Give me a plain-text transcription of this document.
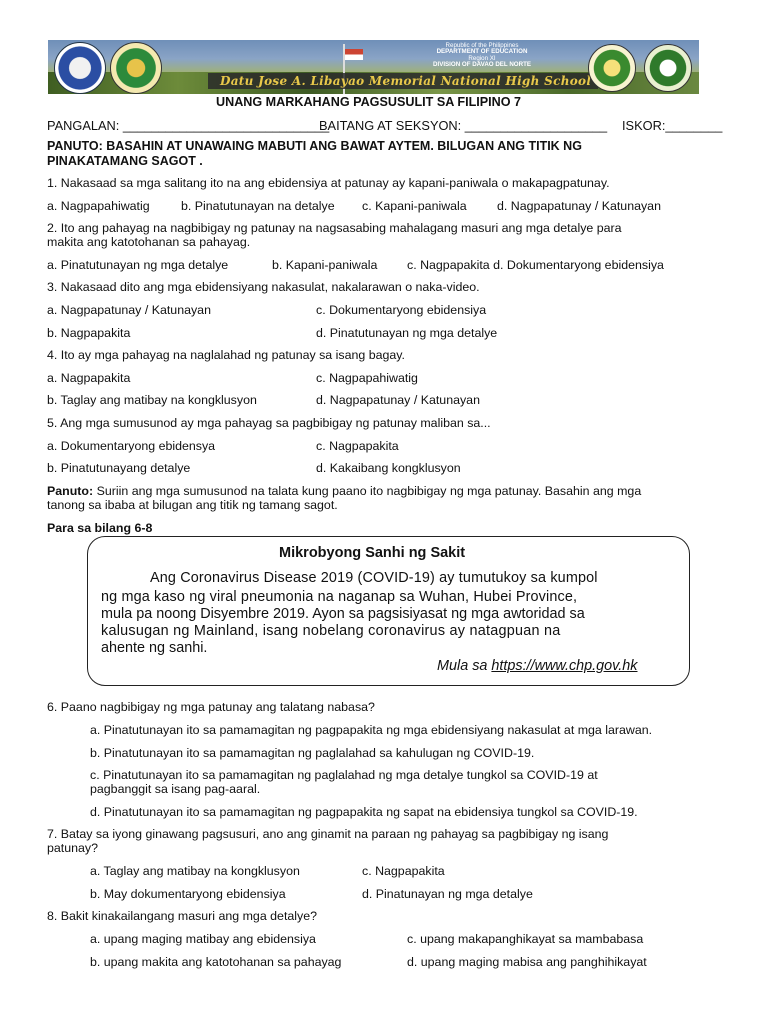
Republic of the Philippines
DEPARTMENT OF EDUCATION
Region XI
DIVISION OF DAVAO DEL NORTE
Datu Jose A. Libayao Memorial National High School
UNANG MARKAHANG PAGSUSULIT SA FILIPINO 7
PANGALAN: _____________________________
BAITANG AT SEKSYON: ____________________ ISKOR:________
PANUTO: BASAHIN AT UNAWAING MABUTI ANG BAWAT AYTEM. BILUGAN ANG TITIK NG
PINAKATAMANG SAGOT .
1. Nakasaad sa mga salitang ito na ang ebidensiya at patunay ay kapani-paniwala o makapagpatunay.
a. Nagpapahiwatig	b. Pinatutunayan na detalye c. Kapani-paniwala d. Nagpapatunay / Katunayan
2. Ito ang pahayag na nagbibigay ng patunay na nagsasabing mahalagang masuri ang mga detalye para
makita ang katotohanan sa pahayag.
a. Pinatutunayan ng mga detalye	b. Kapani-paniwala c. Nagpapakita d. Dokumentaryong ebidensiya
3. Nakasaad dito ang mga ebidensiyang nakasulat, nakalarawan o naka-video.
a. Nagpapatunay / Katunayan	c. Dokumentaryong ebidensiya
b. Nagpapakita	d. Pinatutunayan ng mga detalye
4. Ito ay mga pahayag na naglalahad ng patunay sa isang bagay.
a. Nagpapakita	c. Nagpapahiwatig
b. Taglay ang matibay na kongklusyon	d. Nagpapatunay / Katunayan
5. Ang mga sumusunod ay mga pahayag sa pagbibigay ng patunay maliban sa...
a. Dokumentaryong ebidensya	c. Nagpapakita
b. Pinatutunayang detalye	d. Kakaibang kongklusyon
Panuto: Suriin ang mga sumusunod na talata kung paano ito nagbibigay ng mga patunay. Basahin ang mga
tanong sa ibaba at bilugan ang titik ng tamang sagot.
Para sa bilang 6-8
Mikrobyong Sanhi ng Sakit
Ang Coronavirus Disease 2019 (COVID-19) ay tumutukoy sa kumpol
ng mga kaso ng viral pneumonia na naganap sa Wuhan, Hubei Province,
mula pa noong Disyembre 2019. Ayon sa pagsisiyasat ng mga awtoridad sa
kalusugan ng Mainland, isang nobelang coronavirus ay natagpuan na
ahente ng sanhi.
Mula sa https://www.chp.gov.hk
6. Paano nagbibigay ng mga patunay ang talatang nabasa?
a. Pinatutunayan ito sa pamamagitan ng pagpapakita ng mga ebidensiyang nakasulat at mga larawan.
b. Pinatutunayan ito sa pamamagitan ng paglalahad sa kahulugan ng COVID-19.
c. Pinatutunayan ito sa pamamagitan ng paglalahad ng mga detalye tungkol sa COVID-19 at
pagbanggit sa isang pag-aaral.
d. Pinatutunayan ito sa pamamagitan ng pagpapakita ng sapat na ebidensiya tungkol sa COVID-19.
7. Batay sa iyong ginawang pagsusuri, ano ang ginamit na paraan ng pahayag sa pagbibigay ng isang
patunay?
a. Taglay ang matibay na kongklusyon	c. Nagpapakita
b. May dokumentaryong ebidensiya	d. Pinatunayan ng mga detalye
8. Bakit kinakailangang masuri ang mga detalye?
a. upang maging matibay ang ebidensiya	c. upang makapanghikayat sa mambabasa
b. upang makita ang katotohanan sa pahayag	d. upang maging mabisa ang panghihikayat
